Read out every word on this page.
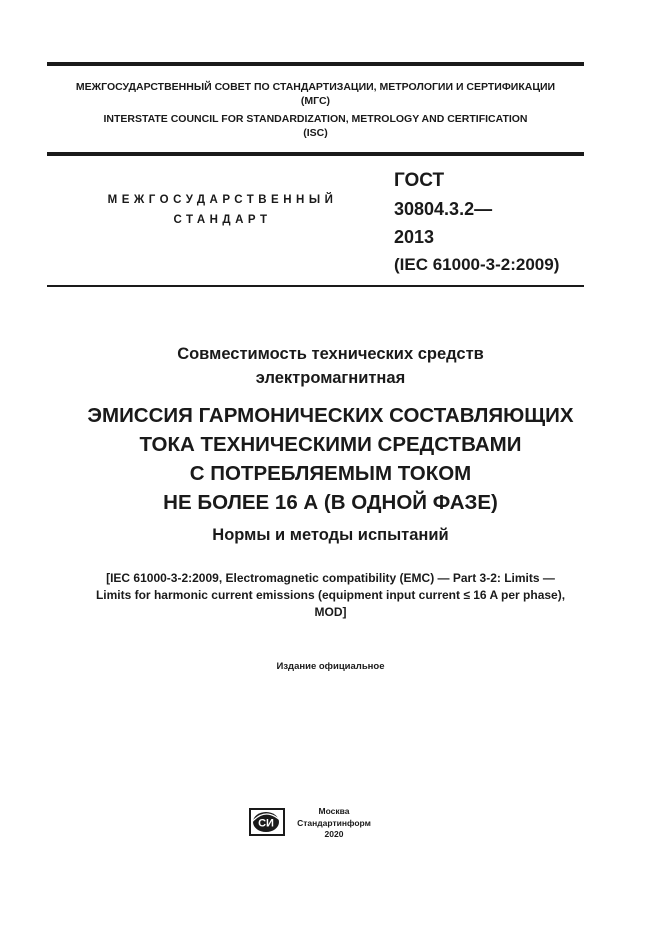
МЕЖГОСУДАРСТВЕННЫЙ СОВЕТ ПО СТАНДАРТИЗАЦИИ, МЕТРОЛОГИИ И СЕРТИФИКАЦИИ
(МГС)
INTERSTATE COUNCIL FOR STANDARDIZATION, METROLOGY AND CERTIFICATION
(ISC)
МЕЖГОСУДАРСТВЕННЫЙ
СТАНДАРТ
ГОСТ
30804.3.2—
2013
(IEC 61000-3-2:2009)
Совместимость технических средств
электромагнитная
ЭМИССИЯ ГАРМОНИЧЕСКИХ СОСТАВЛЯЮЩИХ
ТОКА ТЕХНИЧЕСКИМИ СРЕДСТВАМИ
С ПОТРЕБЛЯЕМЫМ ТОКОМ
НЕ БОЛЕЕ 16 А (В ОДНОЙ ФАЗЕ)
Нормы и методы испытаний
[IEC 61000-3-2:2009, Electromagnetic compatibility (EMC) — Part 3-2: Limits —
Limits for harmonic current emissions (equipment input current ≤ 16 A per phase),
MOD]
Издание официальное
СИ
Москва
Стандартинформ
2020
